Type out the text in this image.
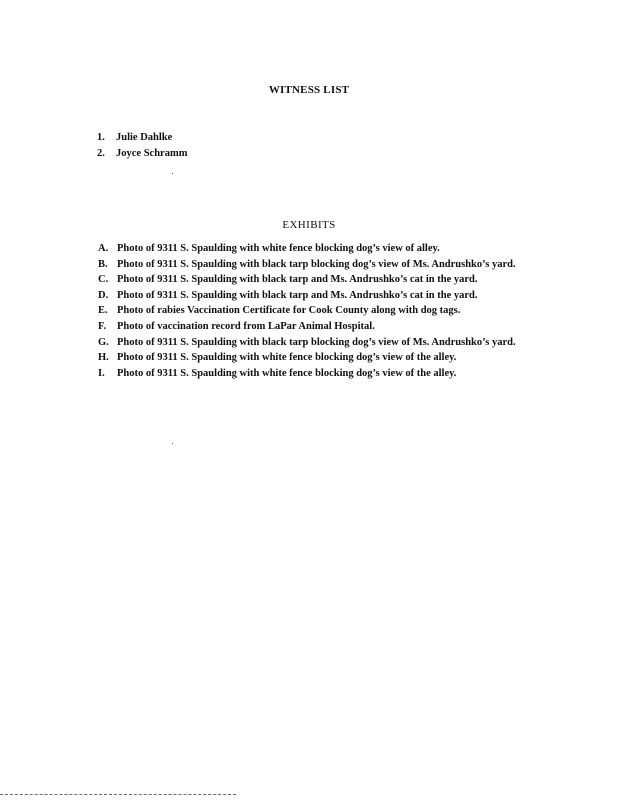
WITNESS LIST
1. Julie Dahlke
2. Joyce Schramm
EXHIBITS
A. Photo of 9311 S. Spaulding with white fence blocking dog’s view of alley.
B. Photo of 9311 S. Spaulding with black tarp blocking dog’s view of Ms. Andrushko’s yard.
C. Photo of 9311 S. Spaulding with black tarp and Ms. Andrushko’s cat in the yard.
D. Photo of 9311 S. Spaulding with black tarp and Ms. Andrushko’s cat in the yard.
E. Photo of rabies Vaccination Certificate for Cook County along with dog tags.
F. Photo of vaccination record from LaPar Animal Hospital.
G. Photo of 9311 S. Spaulding with black tarp blocking dog’s view of Ms. Andrushko’s yard.
H. Photo of 9311 S. Spaulding with white fence blocking dog’s view of the alley.
I. Photo of 9311 S. Spaulding with white fence blocking dog’s view of the alley.
